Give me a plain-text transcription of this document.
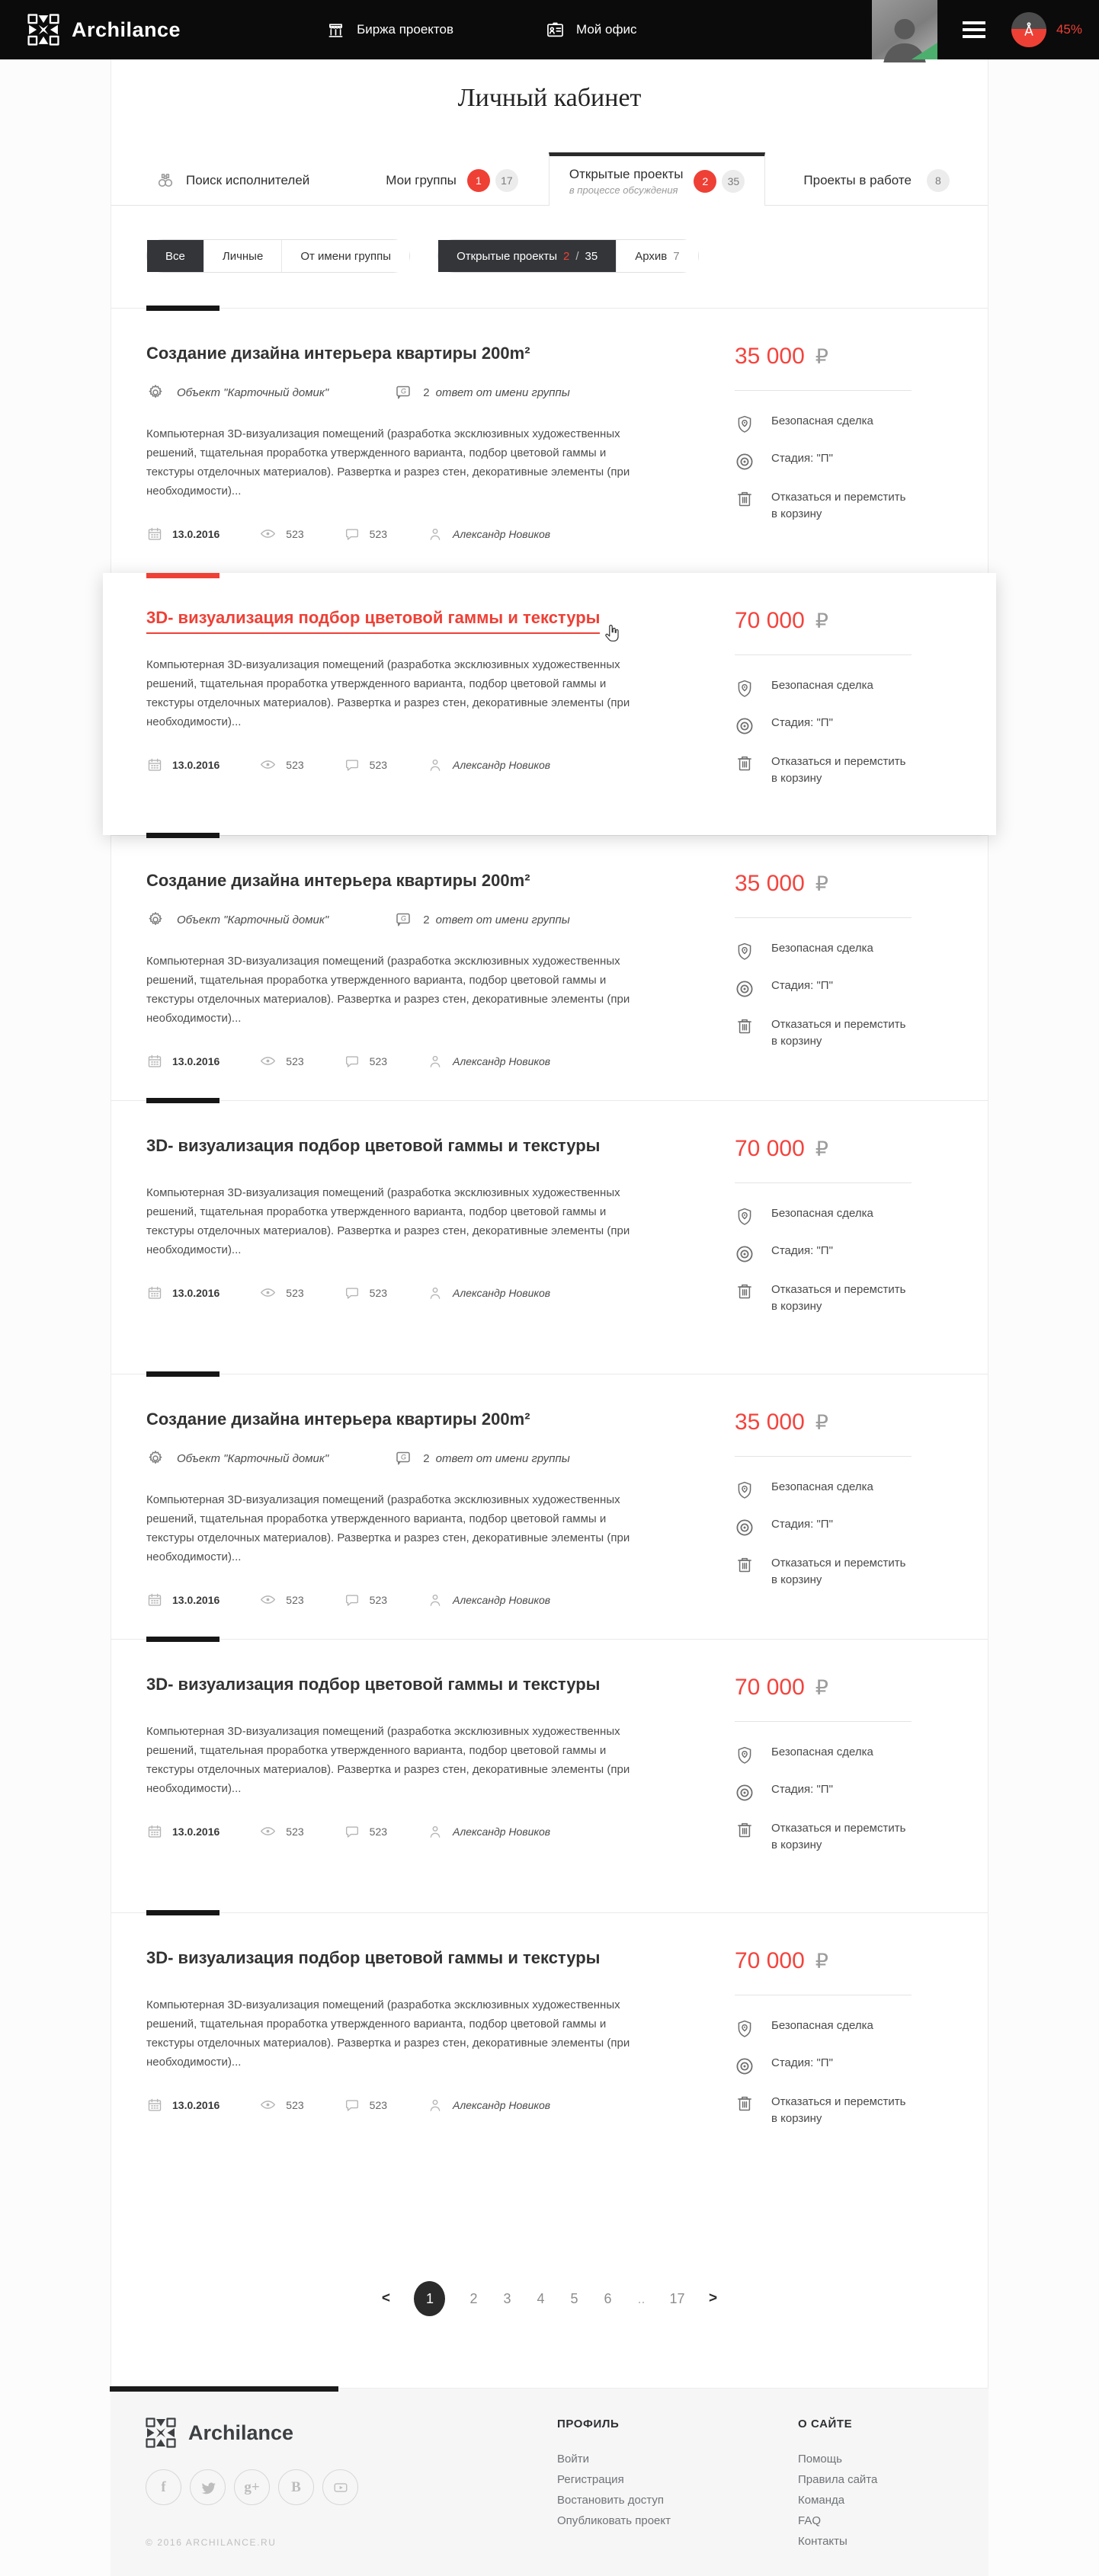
Archilance	Биржа проектов	Мой офис	45%
Личный кабинет
Поиск исполнителей	Мои группы	1	17	Открытые проекты
в процессе обсуждения
2	35	Проекты в работе	8
Все	Личные	От имени группы	Открытые проекты 2 / 35	Архив 7
Создание дизайна интерьера квартиры 200m²
Объект "Карточный домик"	2 ответ от имени группы

Компьютерная 3D-визуализация помещений (разработка эксклюзивных художественных решений, тщательная проработка утвержденного варианта, подбор цветовой гаммы и текстуры отделочных материалов). Развертка и разрез стен, декоративные элементы (при необходимости)...

13.0.2016	523	523	Александр Новиков
35 000 ₽
Безопасная сделка
Стадия: "П"
Отказаться и перемстить
в корзину
3D- визуализация подбор цветовой гаммы и текстуры

Компьютерная 3D-визуализация помещений (разработка эксклюзивных художественных решений, тщательная проработка утвержденного варианта, подбор цветовой гаммы и текстуры отделочных материалов). Развертка и разрез стен, декоративные элементы (при необходимости)...

13.0.2016	523	523	Александр Новиков
70 000 ₽
Безопасная сделка
Стадия: "П"
Отказаться и перемстить
в корзину
Создание дизайна интерьера квартиры 200m²
Объект "Карточный домик"	2 ответ от имени группы

Компьютерная 3D-визуализация помещений (разработка эксклюзивных художественных решений, тщательная проработка утвержденного варианта, подбор цветовой гаммы и текстуры отделочных материалов). Развертка и разрез стен, декоративные элементы (при необходимости)...

13.0.2016	523	523	Александр Новиков
35 000 ₽
Безопасная сделка
Стадия: "П"
Отказаться и перемстить
в корзину
3D- визуализация подбор цветовой гаммы и текстуры

Компьютерная 3D-визуализация помещений (разработка эксклюзивных художественных решений, тщательная проработка утвержденного варианта, подбор цветовой гаммы и текстуры отделочных материалов). Развертка и разрез стен, декоративные элементы (при необходимости)...

13.0.2016	523	523	Александр Новиков
70 000 ₽
Безопасная сделка
Стадия: "П"
Отказаться и перемстить
в корзину
Создание дизайна интерьера квартиры 200m²
Объект "Карточный домик"	2 ответ от имени группы

Компьютерная 3D-визуализация помещений (разработка эксклюзивных художественных решений, тщательная проработка утвержденного варианта, подбор цветовой гаммы и текстуры отделочных материалов). Развертка и разрез стен, декоративные элементы (при необходимости)...

13.0.2016	523	523	Александр Новиков
35 000 ₽
Безопасная сделка
Стадия: "П"
Отказаться и перемстить
в корзину
3D- визуализация подбор цветовой гаммы и текстуры

Компьютерная 3D-визуализация помещений (разработка эксклюзивных художественных решений, тщательная проработка утвержденного варианта, подбор цветовой гаммы и текстуры отделочных материалов). Развертка и разрез стен, декоративные элементы (при необходимости)...

13.0.2016	523	523	Александр Новиков
70 000 ₽
Безопасная сделка
Стадия: "П"
Отказаться и перемстить
в корзину
3D- визуализация подбор цветовой гаммы и текстуры

Компьютерная 3D-визуализация помещений (разработка эксклюзивных художественных решений, тщательная проработка утвержденного варианта, подбор цветовой гаммы и текстуры отделочных материалов). Развертка и разрез стен, декоративные элементы (при необходимости)...

13.0.2016	523	523	Александр Новиков
70 000 ₽
Безопасная сделка
Стадия: "П"
Отказаться и перемстить
в корзину
<	1	2 3 4 5 6 .. 17 >
Archilance
f	g+ B
© 2016 ARCHILANCE.RU
ПРОФИЛЬ
Войти
Регистрация
Востановить доступ
Опубликовать проект
О САЙТЕ
Помощь
Правила сайта
Команда
FAQ
Контакты
